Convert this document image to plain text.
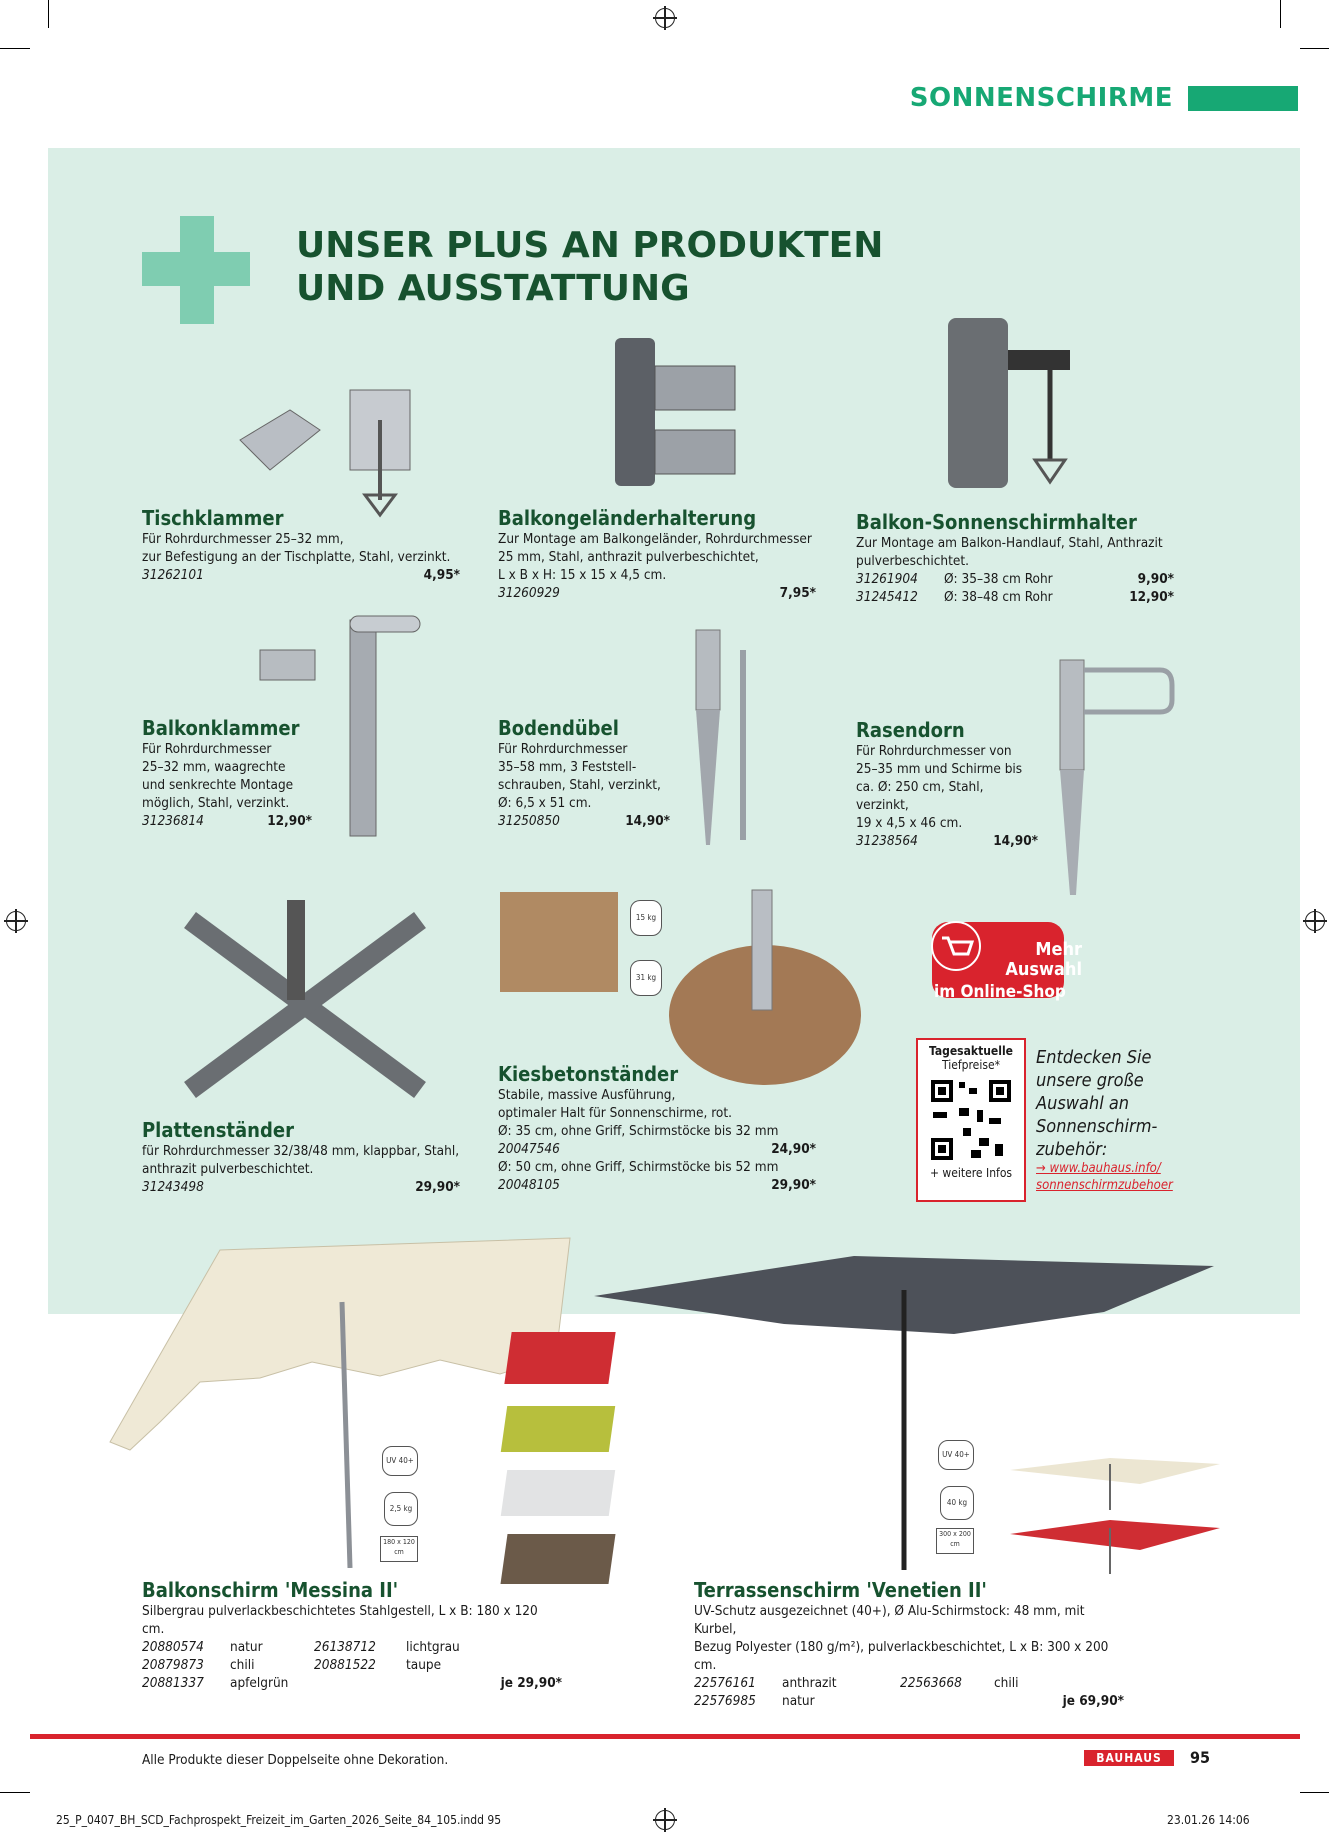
SONNENSCHIRME
UNSER PLUS AN PRODUKTEN
UND AUSSTATTUNG
15 kg
31 kg
Mehr
Auswahl
im Online-Shop
Tagesaktuelle
Tiefpreise*
+ weitere Infos
Entdecken Sie
unsere große
Auswahl an
Sonnenschirm-
zubehör:
→ www.bauhaus.info/
sonnenschirmzubehoer
Tischklammer
Für Rohrdurchmesser 25–32 mm,
zur Befestigung an der Tischplatte, Stahl, verzinkt.
31262101	4,95*
Balkongeländerhalterung
Zur Montage am Balkongeländer, Rohrdurchmesser
25 mm, Stahl, anthrazit pulverbeschichtet,
L x B x H: 15 x 15 x 4,5 cm.
31260929	7,95*
Balkon-Sonnenschirmhalter
Zur Montage am Balkon-Handlauf, Stahl, Anthrazit
pulverbeschichtet.
31261904	Ø: 35–38 cm Rohr	9,90*
31245412	Ø: 38–48 cm Rohr	12,90*
Balkonklammer
Für Rohrdurchmesser
25–32 mm, waagrechte
und senkrechte Montage
möglich, Stahl, verzinkt.
31236814	12,90*
Bodendübel
Für Rohrdurchmesser
35–58 mm, 3 Feststell-
schrauben, Stahl, verzinkt,
Ø: 6,5 x 51 cm.
31250850	14,90*
Rasendorn
Für Rohrdurchmesser von
25–35 mm und Schirme bis
ca. Ø: 250 cm, Stahl, verzinkt,
19 x 4,5 x 46 cm.
31238564	14,90*
Plattenständer
für Rohrdurchmesser 32/38/48 mm, klappbar, Stahl,
anthrazit pulverbeschichtet.
31243498	29,90*
Kiesbetonständer
Stabile, massive Ausführung,
optimaler Halt für Sonnenschirme, rot.
Ø: 35 cm, ohne Griff, Schirmstöcke bis 32 mm
20047546	24,90*
Ø: 50 cm, ohne Griff, Schirmstöcke bis 52 mm
20048105	29,90*
UV 40+
2,5 kg
180 x 120 cm
UV 40+
40 kg
300 x 200 cm
Balkonschirm 'Messina II'
Silbergrau pulverlackbeschichtetes Stahlgestell, L x B: 180 x 120 cm.
20880574	natur	26138712	lichtgrau
20879873	chili	20881522	taupe
20881337	apfelgrün	je 29,90*
Terrassenschirm 'Venetien II'
UV-Schutz ausgezeichnet (40+), Ø Alu-Schirmstock: 48 mm, mit Kurbel,
Bezug Polyester (180 g/m²), pulverlackbeschichtet, L x B: 300 x 200 cm.
22576161	anthrazit	22563668	chili
22576985	natur	je 69,90*
Alle Produkte dieser Doppelseite ohne Dekoration.	BAUHAUS	95
25_P_0407_BH_SCD_Fachprospekt_Freizeit_im_Garten_2026_Seite_84_105.indd 95	23.01.26 14:06
